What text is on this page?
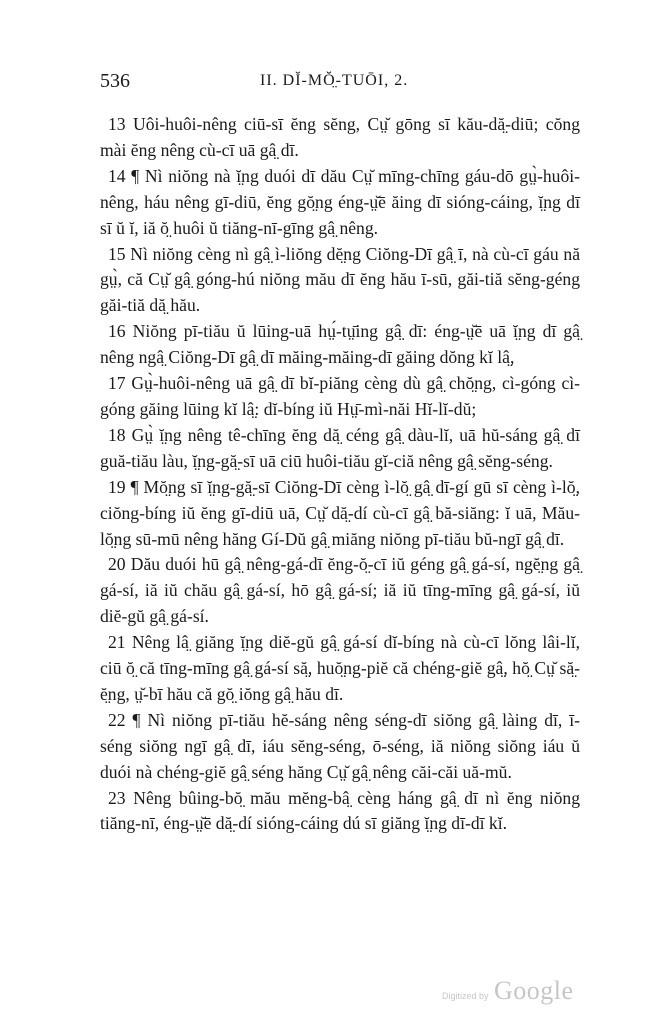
536	II. DĬ-MŎ̤-TUŌI, 2.

13 Uôi-huôi-nêng ciū-sī ĕng sĕng, Cṳ̆ gōng sī kău-dă̤-diū; cŏng mài ĕng nêng cù-cī uā gâ̤ dī.

14 ¶ Nì niŏng nà ĭ̤ng duói dī dău Cṳ̆ mīng-chīng gáu-dō gṳ̀-huôi-nêng, háu nêng gī-diū, ĕng gŏ̤ng éng-ṳ̆ē ăing dī sióng-cáing, ĭ̤ng dī sī ŭ ĭ, iă ŏ̤ huôi ŭ tiăng-nī-gīng gâ̤ nêng.

15 Nì niŏng cèng nì gâ̤ ì-liŏng dĕ̤ng Ciŏng-Dī gâ̤ ī, nà cù-cī gáu nă gṳ̀, că Cṳ̆ gâ̤ góng-hú niŏng mău dī ĕng hău ī-sū, găi-tiă sĕng-géng găi-tiă dă̤ hău.

16 Niŏng pī-tiău ŭ lūing-uā hṳ́-tṳ̄ing gâ̤ dī: éng-ṳ̆ē uā ĭ̤ng dī gâ̤ nêng ngâ̤ Ciŏng-Dī gâ̤ dī măing-măing-dī găing dŏng kĭ lâ̤,

17 Gṳ̀-huôi-nêng uā gâ̤ dī bĭ-piăng cèng dù gâ̤ chŏ̤ng, cì-góng cì-góng găing lūing kĭ lâ̤: dĭ-bíng iŭ Hṳ̄-mì-năi Hĭ-lĭ-dŭ;

18 Gṳ̀ ĭ̤ng nêng tê-chīng ĕng dă̤ céng gâ̤ dàu-lĭ, uā hŭ-sáng gâ̤ dī guă-tiău làu, ĭ̤ng-gă̤-sī uā ciū huôi-tiău gĭ-ciă nêng gâ̤ sĕng-séng.

19 ¶ Mŏ̤ng sī ĭ̤ng-gă̤-sī Ciŏng-Dī cèng ì-lŏ̤ gâ̤ dī-gí gū sī cèng ì-lŏ̤, ciŏng-bíng iŭ ĕng gī-diū uā, Cṳ̆ dă̤-dí cù-cī gâ̤ bă-siăng: ĭ uā, Mău-lŏ̤ng sū-mū nêng hăng Gí-Dŭ gâ̤ miăng niŏng pī-tiău bŭ-ngī gâ̤ dī.

20 Dău duói hū gâ̤ nêng-gá-dī ĕng-ŏ̤-cī iŭ géng gâ̤ gá-sí, ngĕ̤ng gâ̤ gá-sí, iă iŭ chău gâ̤ gá-sí, hō gâ̤ gá-sí; iă iŭ tīng-mīng gâ̤ gá-sí, iŭ diĕ-gŭ gâ̤ gá-sí.

21 Nêng lâ̤ giăng ĭ̤ng diĕ-gŭ gâ̤ gá-sí dĭ-bíng nà cù-cī lŏng lâi-lĭ, ciū ŏ̤ că tīng-mīng gâ̤ gá-sí să̤, huŏ̤ng-piĕ că chéng-giĕ gâ̤, hŏ̤ Cṳ̆ să̤-ĕ̤ng, ṳ̆-bī hău că gŏ̤ iŏng gâ̤ hău dī.

22 ¶ Nì niŏng pī-tiău hĕ-sáng nêng séng-dī siŏng gâ̤ làing dī, ī-séng siŏng ngī gâ̤ dī, iáu sĕng-séng, ō-séng, iă niŏng siŏng iáu ŭ duói nà chéng-giĕ gâ̤ séng hăng Cṳ̆ gâ̤ nêng căi-căi uă-mŭ.

23 Nêng bûing-bŏ̤ mău mĕng-bâ̤ cèng háng gâ̤ dī nì ĕng niŏng tiăng-nī, éng-ṳ̆ē dă̤-dí sióng-cáing dú sī giăng ĭ̤ng dī-dī kĭ.

Digitized by Google
